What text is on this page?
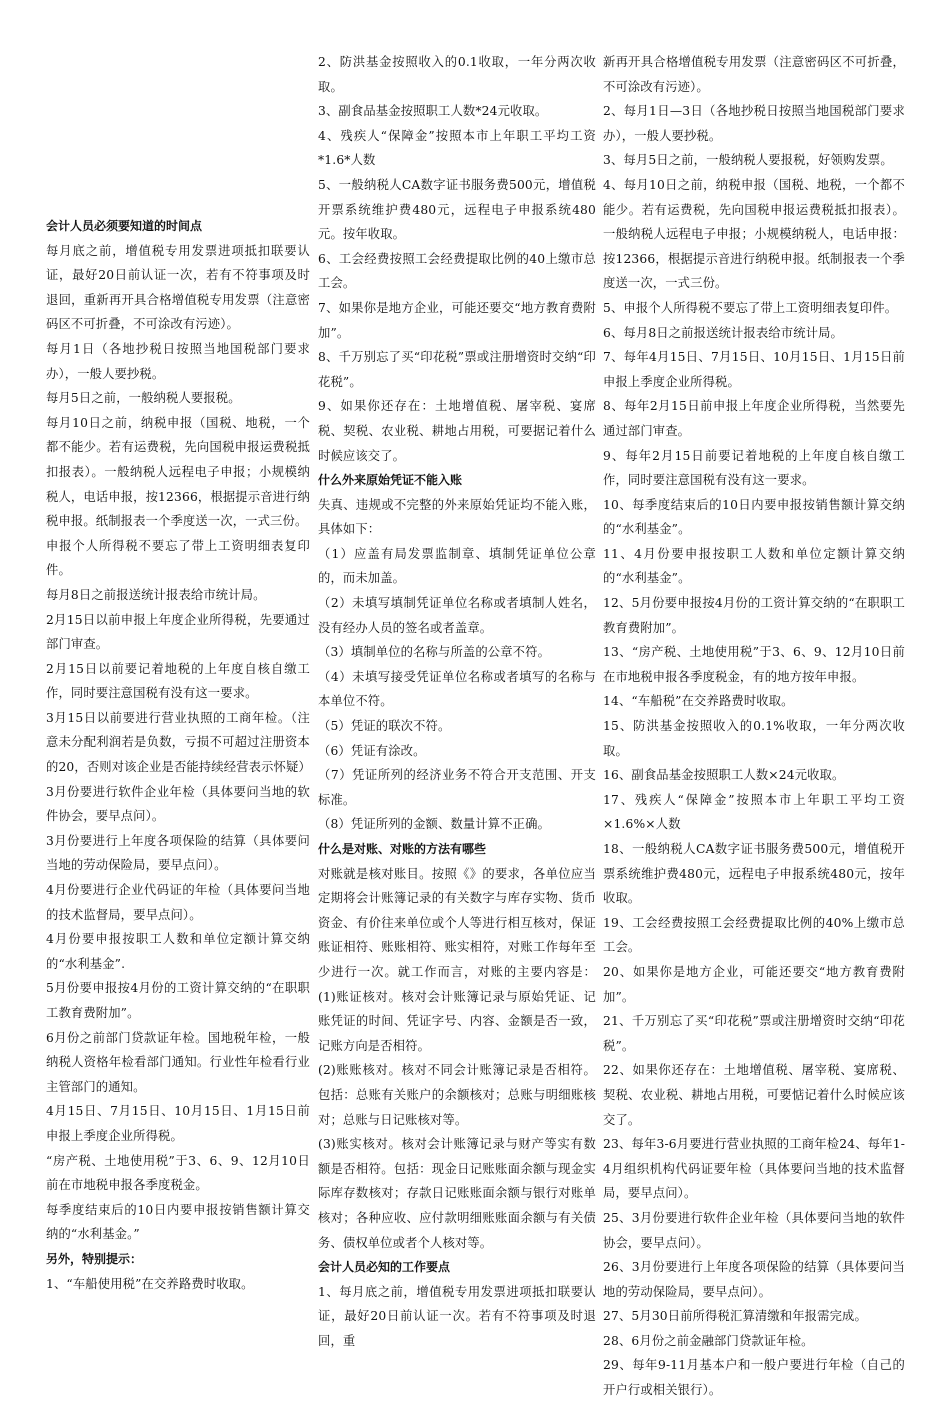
会计人员必须要知道的时间点

每月底之前，增值税专用发票进项抵扣联要认证，最好20日前认证一次，若有不符事项及时退回，重新再开具合格增值税专用发票（注意密码区不可折叠，不可涂改有污迹）。

每月1日（各地抄税日按照当地国税部门要求办），一般人要抄税。

每月5日之前，一般纳税人要报税。

每月10日之前，纳税申报（国税、地税，一个都不能少。若有运费税，先向国税申报运费税抵扣报表）。一般纳税人远程电子申报；小规模纳税人，电话申报，按12366，根据提示音进行纳税申报。纸制报表一个季度送一次，一式三份。

申报个人所得税不要忘了带上工资明细表复印件。

每月8日之前报送统计报表给市统计局。

2月15日以前申报上年度企业所得税，先要通过部门审查。

2月15日以前要记着地税的上年度自核自缴工作，同时要注意国税有没有这一要求。

3月15日以前要进行营业执照的工商年检。（注意未分配利润若是负数，亏损不可超过注册资本的20，否则对该企业是否能持续经营表示怀疑）

3月份要进行软件企业年检（具体要问当地的软件协会，要早点问）。

3月份要进行上年度各项保险的结算（具体要问当地的劳动保险局，要早点问）。

4月份要进行企业代码证的年检（具体要问当地的技术监督局，要早点问）。

4月份要申报按职工人数和单位定额计算交纳的“水利基金”.

5月份要申报按4月份的工资计算交纳的“在职职工教育费附加”。

6月份之前部门贷款证年检。国地税年检，一般纳税人资格年检看部门通知。行业性年检看行业主管部门的通知。

4月15日、7月15日、10月15日、1月15日前申报上季度企业所得税。

“房产税、土地使用税”于3、6、9、12月10日前在市地税申报各季度税金。

每季度结束后的10日内要申报按销售额计算交纳的“水利基金。”

另外，特别提示：

1、“车船使用税”在交养路费时收取。

2、防洪基金按照收入的0.1收取，一年分两次收取。

3、副食品基金按照职工人数*24元收取。

4、残疾人“保障金”按照本市上年职工平均工资*1.6*人数

5、一般纳税人CA数字证书服务费500元，增值税开票系统维护费480元，远程电子申报系统480元。按年收取。

6、工会经费按照工会经费提取比例的40上缴市总工会。

7、如果你是地方企业，可能还要交“地方教育费附加”。

8、千万别忘了买“印花税”票或注册增资时交纳“印花税”。

9、如果你还存在：土地增值税、屠宰税、宴席税、契税、农业税、耕地占用税，可要据记着什么时候应该交了。

什么外来原始凭证不能入账

失真、违规或不完整的外来原始凭证均不能入账，具体如下：

（1）应盖有局发票监制章、填制凭证单位公章的，而未加盖。

（2）未填写填制凭证单位名称或者填制人姓名，没有经办人员的签名或者盖章。

（3）填制单位的名称与所盖的公章不符。

（4）未填写接受凭证单位名称或者填写的名称与本单位不符。

（5）凭证的联次不符。

（6）凭证有涂改。

（7）凭证所列的经济业务不符合开支范围、开支标准。

（8）凭证所列的金额、数量计算不正确。

什么是对账、对账的方法有哪些

对账就是核对账目。按照《》的要求，各单位应当定期将会计账簿记录的有关数字与库存实物、货币资金、有价往来单位或个人等进行相互核对，保证账证相符、账账相符、账实相符，对账工作每年至少进行一次。就工作而言，对账的主要内容是：(1)账证核对。核对会计账簿记录与原始凭证、记账凭证的时间、凭证字号、内容、金额是否一致，记账方向是否相符。

(2)账账核对。核对不同会计账簿记录是否相符。包括：总账有关账户的余额核对；总账与明细账核对；总账与日记账核对等。

(3)账实核对。核对会计账簿记录与财产等实有数额是否相符。包括：现金日记账账面余额与现金实际库存数核对；存款日记账账面余额与银行对账单核对；各种应收、应付款明细账账面余额与有关债务、债权单位或者个人核对等。

会计人员必知的工作要点

1、每月底之前，增值税专用发票进项抵扣联要认证，最好20日前认证一次。若有不符事项及时退回，重

新再开具合格增值税专用发票（注意密码区不可折叠，不可涂改有污迹）。

2、每月1日—3日（各地抄税日按照当地国税部门要求办），一般人要抄税。

3、每月5日之前，一般纳税人要报税，好领购发票。

4、每月10日之前，纳税申报（国税、地税，一个都不能少。若有运费税，先向国税申报运费税抵扣报表）。一般纳税人远程电子申报；小规模纳税人，电话申报：按12366，根据提示音进行纳税申报。纸制报表一个季度送一次，一式三份。

5、申报个人所得税不要忘了带上工资明细表复印件。

6、每月8日之前报送统计报表给市统计局。

7、每年4月15日、7月15日、10月15日、1月15日前申报上季度企业所得税。

8、每年2月15日前申报上年度企业所得税，当然要先通过部门审查。

9、每年2月15日前要记着地税的上年度自核自缴工作，同时要注意国税有没有这一要求。

10、每季度结束后的10日内要申报按销售额计算交纳的“水利基金”。

11、4月份要申报按职工人数和单位定额计算交纳的“水利基金”。

12、5月份要申报按4月份的工资计算交纳的“在职职工教育费附加”。

13、“房产税、土地使用税”于3、6、9、12月10日前在市地税申报各季度税金，有的地方按年申报。

14、“车船税”在交养路费时收取。

15、防洪基金按照收入的0.1%收取，一年分两次收取。

16、副食品基金按照职工人数×24元收取。

17、残疾人“保障金”按照本市上年职工平均工资×1.6%×人数

18、一般纳税人CA数字证书服务费500元，增值税开票系统维护费480元，远程电子申报系统480元，按年收取。

19、工会经费按照工会经费提取比例的40%上缴市总工会。

20、如果你是地方企业，可能还要交“地方教育费附加”。

21、千万别忘了买“印花税”票或注册增资时交纳“印花税”。

22、如果你还存在：土地增值税、屠宰税、宴席税、契税、农业税、耕地占用税，可要惦记着什么时候应该交了。

23、每年3-6月要进行营业执照的工商年检24、每年1-4月组织机构代码证要年检（具体要问当地的技术监督局，要早点问）。

25、3月份要进行软件企业年检（具体要问当地的软件协会，要早点问）。

26、3月份要进行上年度各项保险的结算（具体要问当地的劳动保险局，要早点问）。

27、5月30日前所得税汇算清缴和年报需完成。

28、6月份之前金融部门贷款证年检。

29、每年9-11月基本户和一般户要进行年检（自己的开户行或相关银行）。
